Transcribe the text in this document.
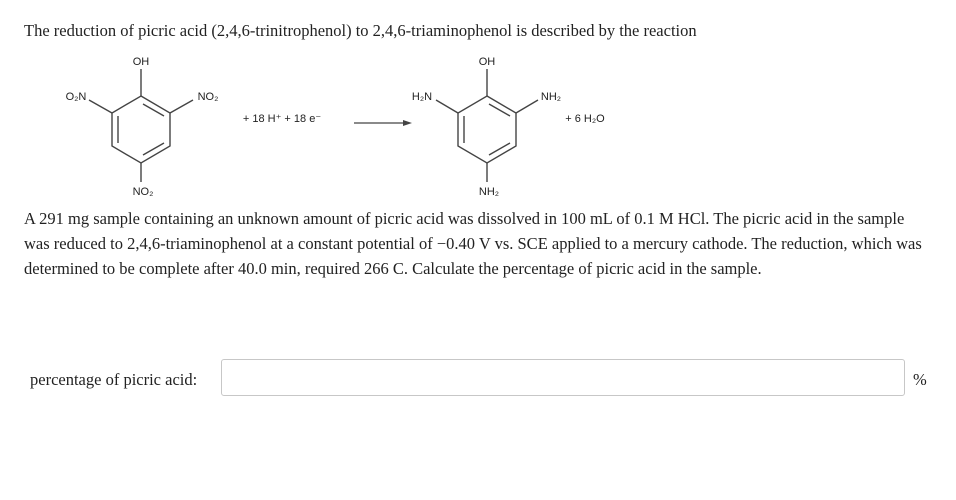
The reduction of picric acid (2,4,6-trinitrophenol) to 2,4,6-triaminophenol is described by the reaction

OH
O₂N	NO₂
NO₂
+ 18 H⁺ + 18 e⁻
OH
H₂N	NH₂
NH₂
+ 6 H₂O

A 291 mg sample containing an unknown amount of picric acid was dissolved in 100 mL of 0.1 M HCl. The picric acid in the sample was reduced to 2,4,6-triaminophenol at a constant potential of −0.40 V vs. SCE applied to a mercury cathode. The reduction, which was determined to be complete after 40.0 min, required 266 C. Calculate the percentage of picric acid in the sample.

percentage of picric acid:	%
